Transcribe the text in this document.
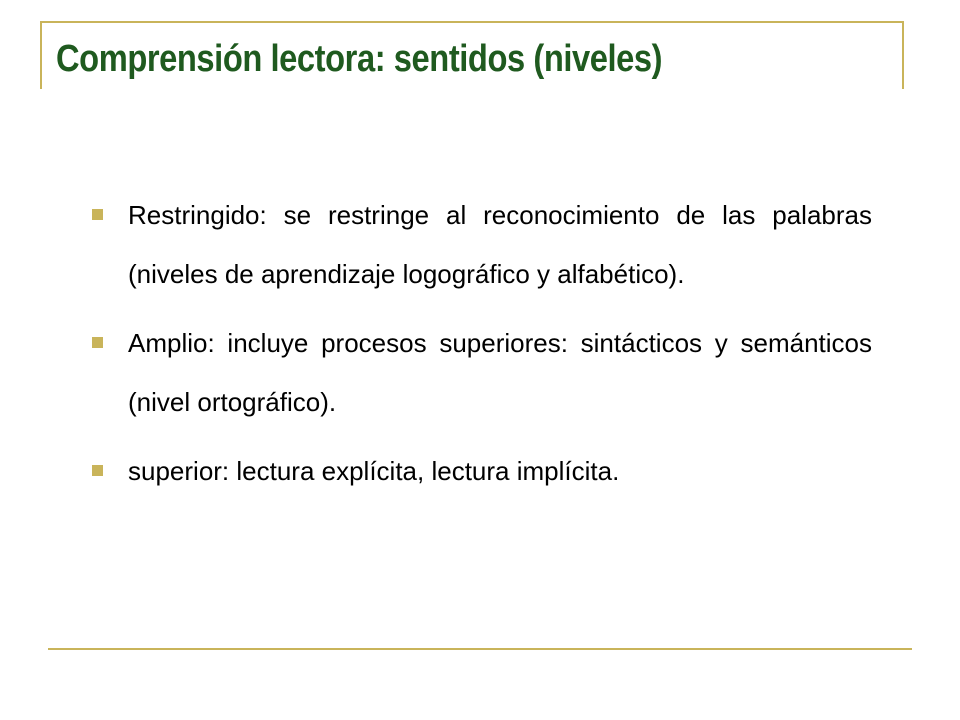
Comprensión lectora: sentidos (niveles)
Restringido: se restringe al reconocimiento de las palabras (niveles de aprendizaje logográfico y alfabético).
Amplio: incluye procesos superiores: sintácticos y semánticos (nivel ortográfico).
superior: lectura explícita, lectura implícita.
